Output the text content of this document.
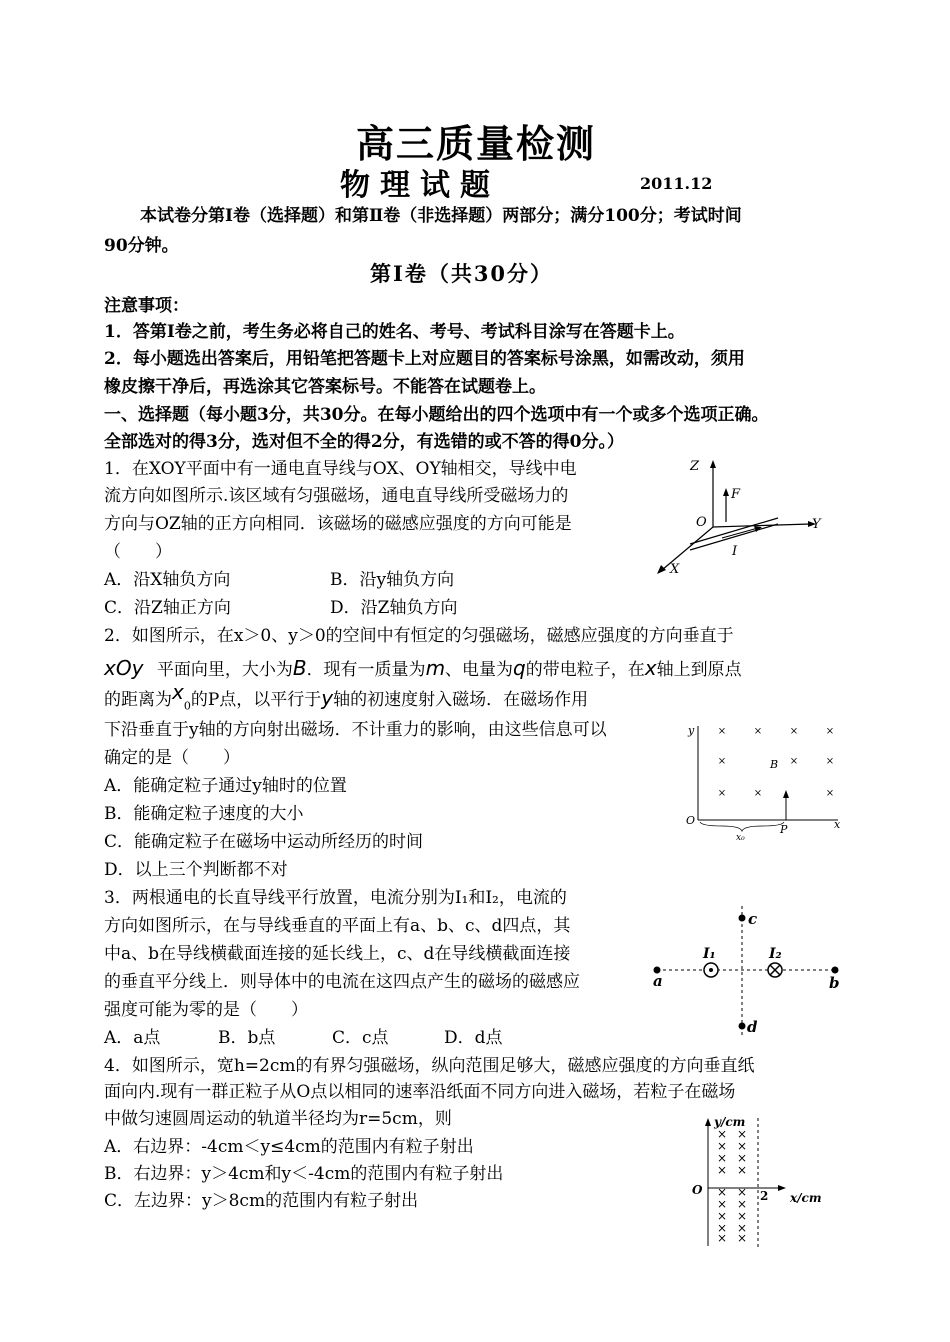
高三质量检测
物理试题	2011.12
本试卷分第Ⅰ卷（选择题）和第Ⅱ卷（非选择题）两部分；满分100分；考试时间
90分钟。
第Ⅰ卷（共30分）
注意事项：
1．答第Ⅰ卷之前，考生务必将自己的姓名、考号、考试科目涂写在答题卡上。
2．每小题选出答案后，用铅笔把答题卡上对应题目的答案标号涂黑，如需改动，须用
橡皮擦干净后，再选涂其它答案标号。不能答在试题卷上。
一、选择题（每小题3分，共30分。在每小题给出的四个选项中有一个或多个选项正确。
全部选对的得3分，选对但不全的得2分，有选错的或不答的得0分。）
1．在XOY平面中有一通电直导线与OX、OY轴相交，导线中电
流方向如图所示.该区域有匀强磁场，通电直导线所受磁场力的
方向与OZ轴的正方向相同．该磁场的磁感应强度的方向可能是
（　　）
A．沿X轴负方向	B．沿y轴负方向
C．沿Z轴正方向	D．沿Z轴负方向
Z
Y
X
O
F
I
2．如图所示，在x＞0、y＞0的空间中有恒定的匀强磁场，磁感应强度的方向垂直于
xOy 平面向里，大小为B．现有一质量为m、电量为q的带电粒子，在x轴上到原点
的距离为$x_0$的P点，以平行于y轴的初速度射入磁场．在磁场作用
下沿垂直于y轴的方向射出磁场．不计重力的影响，由这些信息可以
确定的是（　　）
A．能确定粒子通过y轴时的位置
B．能确定粒子速度的大小
C．能确定粒子在磁场中运动所经历的时间
D．以上三个判断都不对
×	×	×	×
×	×	×
×	×	×
y
x
O
B
P
x₀
3．两根通电的长直导线平行放置，电流分别为I₁和I₂，电流的
方向如图所示，在与导线垂直的平面上有a、b、c、d四点，其
中a、b在导线横截面连接的延长线上，c、d在导线横截面连接
的垂直平分线上．则导体中的电流在这四点产生的磁场的磁感应
强度可能为零的是（　　）
A．a点	B．b点	C．c点	D．d点
a	b
c
d
I₁	I₂
4．如图所示，宽h=2cm的有界匀强磁场，纵向范围足够大，磁感应强度的方向垂直纸
面向内.现有一群正粒子从O点以相同的速率沿纸面不同方向进入磁场，若粒子在磁场
中做匀速圆周运动的轨道半径均为r=5cm，则
A．右边界：-4cm＜y≤4cm的范围内有粒子射出
B．右边界：y＞4cm和y＜-4cm的范围内有粒子射出
C．左边界：y＞8cm的范围内有粒子射出
× ×
× ×
× ×
× ×
× ×
× ×
× ×
× ×
× ×
y/cm
x/cm
O	2
